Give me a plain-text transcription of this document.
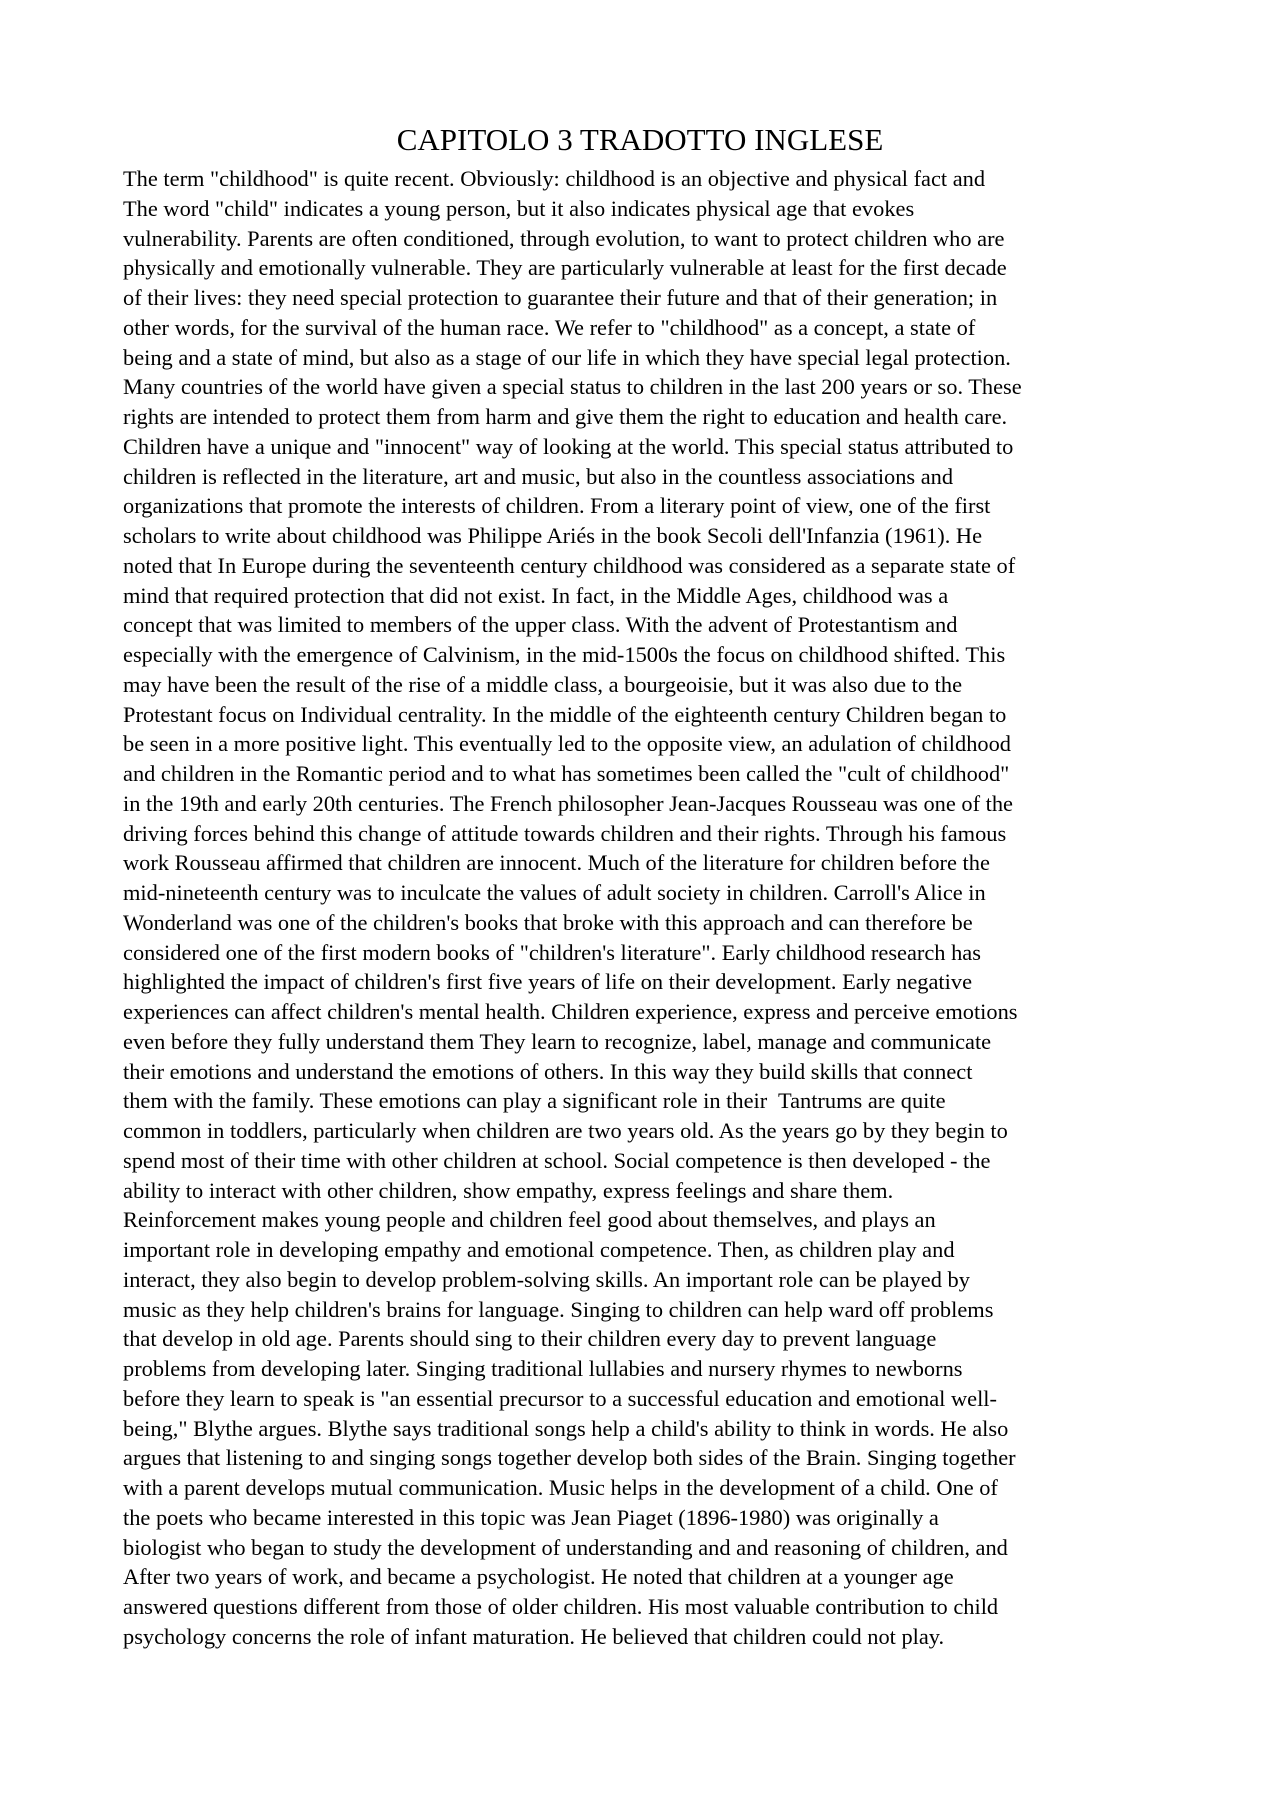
CAPITOLO 3 TRADOTTO INGLESE
The term "childhood" is quite recent. Obviously: childhood is an objective and physical fact and
The word "child" indicates a young person, but it also indicates physical age that evokes
vulnerability. Parents are often conditioned, through evolution, to want to protect children who are
physically and emotionally vulnerable. They are particularly vulnerable at least for the first decade
of their lives: they need special protection to guarantee their future and that of their generation; in
other words, for the survival of the human race. We refer to "childhood" as a concept, a state of
being and a state of mind, but also as a stage of our life in which they have special legal protection.
Many countries of the world have given a special status to children in the last 200 years or so. These
rights are intended to protect them from harm and give them the right to education and health care.
Children have a unique and "innocent" way of looking at the world. This special status attributed to
children is reflected in the literature, art and music, but also in the countless associations and
organizations that promote the interests of children. From a literary point of view, one of the first
scholars to write about childhood was Philippe Ariés in the book Secoli dell'Infanzia (1961). He
noted that In Europe during the seventeenth century childhood was considered as a separate state of
mind that required protection that did not exist. In fact, in the Middle Ages, childhood was a
concept that was limited to members of the upper class. With the advent of Protestantism and
especially with the emergence of Calvinism, in the mid-1500s the focus on childhood shifted. This
may have been the result of the rise of a middle class, a bourgeoisie, but it was also due to the
Protestant focus on Individual centrality. In the middle of the eighteenth century Children began to
be seen in a more positive light. This eventually led to the opposite view, an adulation of childhood
and children in the Romantic period and to what has sometimes been called the "cult of childhood"
in the 19th and early 20th centuries. The French philosopher Jean-Jacques Rousseau was one of the
driving forces behind this change of attitude towards children and their rights. Through his famous
work Rousseau affirmed that children are innocent. Much of the literature for children before the
mid-nineteenth century was to inculcate the values of adult society in children. Carroll's Alice in
Wonderland was one of the children's books that broke with this approach and can therefore be
considered one of the first modern books of "children's literature". Early childhood research has
highlighted the impact of children's first five years of life on their development. Early negative
experiences can affect children's mental health. Children experience, express and perceive emotions
even before they fully understand them They learn to recognize, label, manage and communicate
their emotions and understand the emotions of others. In this way they build skills that connect
them with the family. These emotions can play a significant role in their  Tantrums are quite
common in toddlers, particularly when children are two years old. As the years go by they begin to
spend most of their time with other children at school. Social competence is then developed - the
ability to interact with other children, show empathy, express feelings and share them.
Reinforcement makes young people and children feel good about themselves, and plays an
important role in developing empathy and emotional competence. Then, as children play and
interact, they also begin to develop problem-solving skills. An important role can be played by
music as they help children's brains for language. Singing to children can help ward off problems
that develop in old age. Parents should sing to their children every day to prevent language
problems from developing later. Singing traditional lullabies and nursery rhymes to newborns
before they learn to speak is "an essential precursor to a successful education and emotional well-
being," Blythe argues. Blythe says traditional songs help a child's ability to think in words. He also
argues that listening to and singing songs together develop both sides of the Brain. Singing together
with a parent develops mutual communication. Music helps in the development of a child. One of
the poets who became interested in this topic was Jean Piaget (1896-1980) was originally a
biologist who began to study the development of understanding and and reasoning of children, and
After two years of work, and became a psychologist. He noted that children at a younger age
answered questions different from those of older children. His most valuable contribution to child
psychology concerns the role of infant maturation. He believed that children could not play.
